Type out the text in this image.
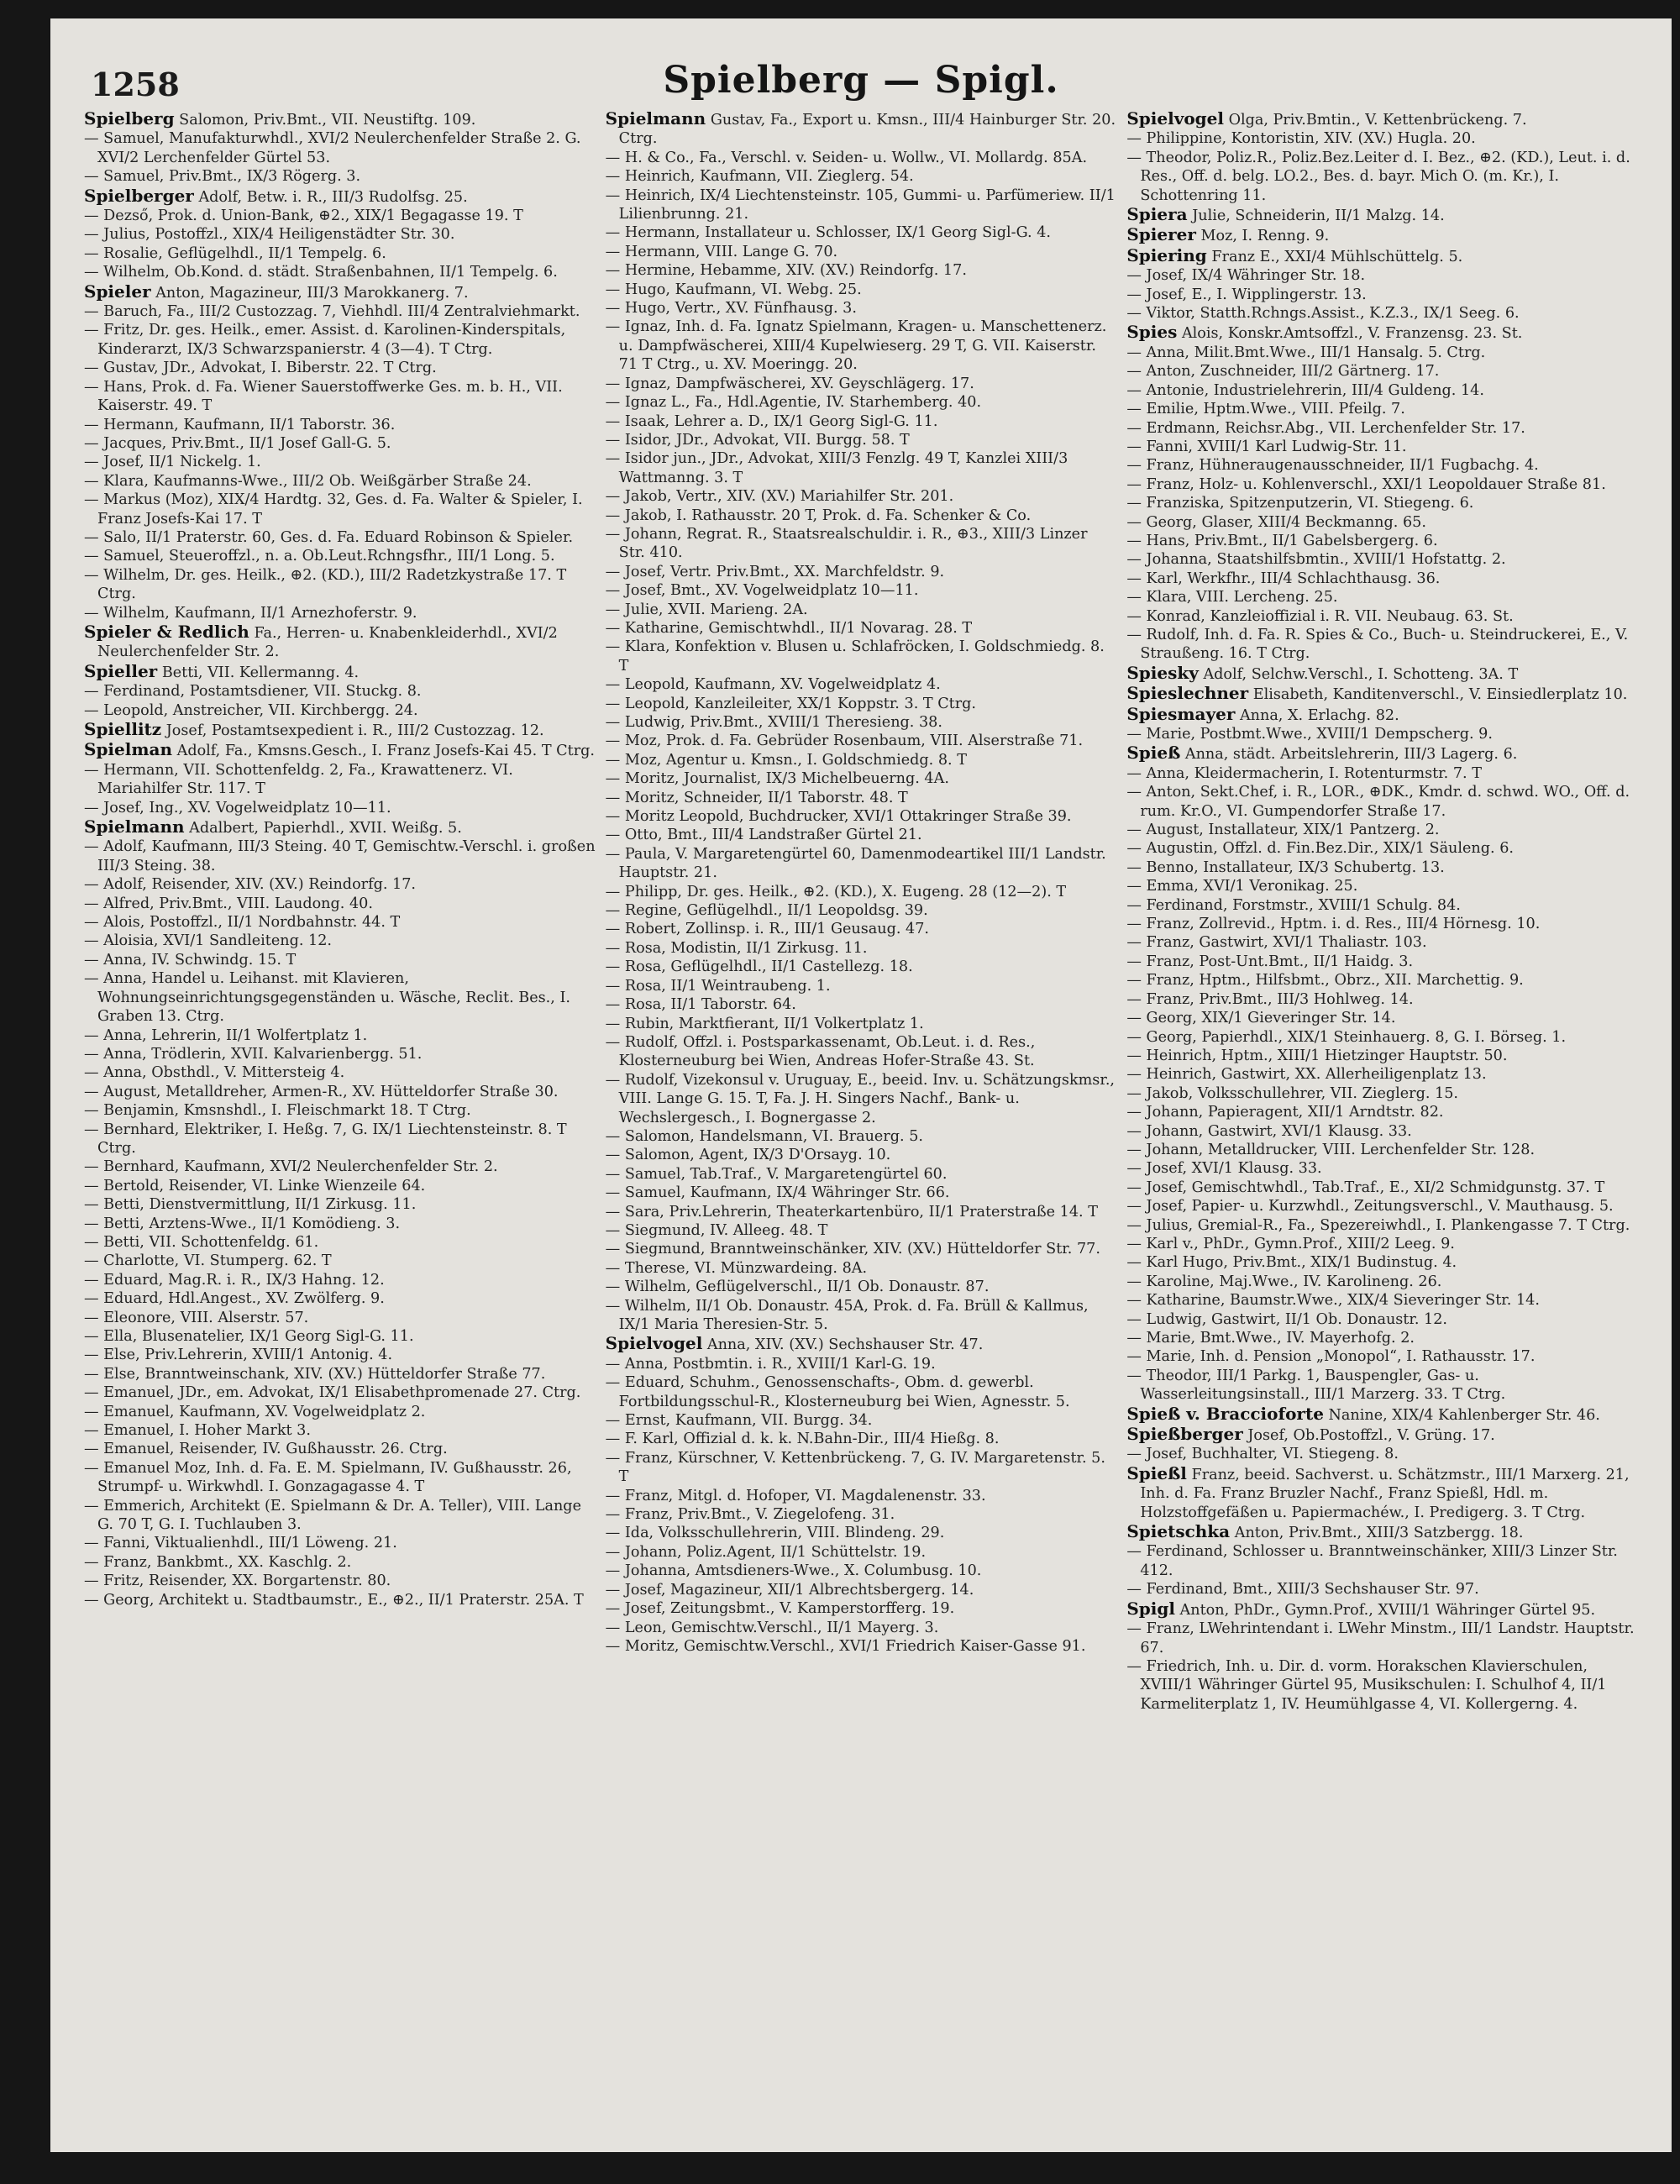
1258	Spielberg — Spigl.
Spielberg Salomon, Priv.Bmt., VII. Neustiftg. 109.
— Samuel, Manufakturwhdl., XVI/2 Neulerchenfelder Straße 2. G. XVI/2 Lerchenfelder Gürtel 53.
— Samuel, Priv.Bmt., IX/3 Rögerg. 3.
Spielberger Adolf, Betw. i. R., III/3 Rudolfsg. 25.
— Dezső, Prok. d. Union-Bank, ⊕2., XIX/1 Begagasse 19. T
— Julius, Postoffzl., XIX/4 Heiligenstädter Str. 30.
— Rosalie, Geflügelhdl., II/1 Tempelg. 6.
— Wilhelm, Ob.Kond. d. städt. Straßenbahnen, II/1 Tempelg. 6.
Spieler Anton, Magazineur, III/3 Marokkanerg. 7.
— Baruch, Fa., III/2 Custozzag. 7, Viehhdl. III/4 Zentralviehmarkt.
— Fritz, Dr. ges. Heilk., emer. Assist. d. Karolinen-Kinderspitals, Kinderarzt, IX/3 Schwarzspanierstr. 4 (3—4). T Ctrg.
— Gustav, JDr., Advokat, I. Biberstr. 22. T Ctrg.
— Hans, Prok. d. Fa. Wiener Sauerstoffwerke Ges. m. b. H., VII. Kaiserstr. 49. T
— Hermann, Kaufmann, II/1 Taborstr. 36.
— Jacques, Priv.Bmt., II/1 Josef Gall-G. 5.
— Josef, II/1 Nickelg. 1.
— Klara, Kaufmanns-Wwe., III/2 Ob. Weißgärber Straße 24.
— Markus (Moz), XIX/4 Hardtg. 32, Ges. d. Fa. Walter & Spieler, I. Franz Josefs-Kai 17. T
— Salo, II/1 Praterstr. 60, Ges. d. Fa. Eduard Robinson & Spieler.
— Samuel, Steueroffzl., n. a. Ob.Leut.Rchngsfhr., III/1 Long. 5.
— Wilhelm, Dr. ges. Heilk., ⊕2. (KD.), III/2 Radetzkystraße 17. T Ctrg.
— Wilhelm, Kaufmann, II/1 Arnezhoferstr. 9.
Spieler & Redlich Fa., Herren- u. Knabenkleiderhdl., XVI/2 Neulerchenfelder Str. 2.
Spieller Betti, VII. Kellermanng. 4.
— Ferdinand, Postamtsdiener, VII. Stuckg. 8.
— Leopold, Anstreicher, VII. Kirchbergg. 24.
Spiellitz Josef, Postamtsexpedient i. R., III/2 Custozzag. 12.
Spielman Adolf, Fa., Kmsns.Gesch., I. Franz Josefs-Kai 45. T Ctrg.
— Hermann, VII. Schottenfeldg. 2, Fa., Krawattenerz. VI. Mariahilfer Str. 117. T
— Josef, Ing., XV. Vogelweidplatz 10—11.
Spielmann Adalbert, Papierhdl., XVII. Weißg. 5.
— Adolf, Kaufmann, III/3 Steing. 40 T, Gemischtw.-Verschl. i. großen III/3 Steing. 38.
— Adolf, Reisender, XIV. (XV.) Reindorfg. 17.
— Alfred, Priv.Bmt., VIII. Laudong. 40.
— Alois, Postoffzl., II/1 Nordbahnstr. 44. T
— Aloisia, XVI/1 Sandleiteng. 12.
— Anna, IV. Schwindg. 15. T
— Anna, Handel u. Leihanst. mit Klavieren, Wohnungseinrichtungsgegenständen u. Wäsche, Reclit. Bes., I. Graben 13. Ctrg.
— Anna, Lehrerin, II/1 Wolfertplatz 1.
— Anna, Trödlerin, XVII. Kalvarienbergg. 51.
— Anna, Obsthdl., V. Mittersteig 4.
— August, Metalldreher, Armen-R., XV. Hütteldorfer Straße 30.
— Benjamin, Kmsnshdl., I. Fleischmarkt 18. T Ctrg.
— Bernhard, Elektriker, I. Heßg. 7, G. IX/1 Liechtensteinstr. 8. T Ctrg.
— Bernhard, Kaufmann, XVI/2 Neulerchenfelder Str. 2.
— Bertold, Reisender, VI. Linke Wienzeile 64.
— Betti, Dienstvermittlung, II/1 Zirkusg. 11.
— Betti, Arztens-Wwe., II/1 Komödieng. 3.
— Betti, VII. Schottenfeldg. 61.
— Charlotte, VI. Stumperg. 62. T
— Eduard, Mag.R. i. R., IX/3 Hahng. 12.
— Eduard, Hdl.Angest., XV. Zwölferg. 9.
— Eleonore, VIII. Alserstr. 57.
— Ella, Blusenatelier, IX/1 Georg Sigl-G. 11.
— Else, Priv.Lehrerin, XVIII/1 Antonig. 4.
— Else, Branntweinschank, XIV. (XV.) Hütteldorfer Straße 77.
— Emanuel, JDr., em. Advokat, IX/1 Elisabethpromenade 27. Ctrg.
— Emanuel, Kaufmann, XV. Vogelweidplatz 2.
— Emanuel, I. Hoher Markt 3.
— Emanuel, Reisender, IV. Gußhausstr. 26. Ctrg.
— Emanuel Moz, Inh. d. Fa. E. M. Spielmann, IV. Gußhausstr. 26, Strumpf- u. Wirkwhdl. I. Gonzagagasse 4. T
— Emmerich, Architekt (E. Spielmann & Dr. A. Teller), VIII. Lange G. 70 T, G. I. Tuchlauben 3.
— Fanni, Viktualienhdl., III/1 Löweng. 21.
— Franz, Bankbmt., XX. Kaschlg. 2.
— Fritz, Reisender, XX. Borgartenstr. 80.
— Georg, Architekt u. Stadtbaumstr., E., ⊕2., II/1 Praterstr. 25A. T
Spielmann Gustav, Fa., Export u. Kmsn., III/4 Hainburger Str. 20. Ctrg.
— H. & Co., Fa., Verschl. v. Seiden- u. Wollw., VI. Mollardg. 85A.
— Heinrich, Kaufmann, VII. Zieglerg. 54.
— Heinrich, IX/4 Liechtensteinstr. 105, Gummi- u. Parfümeriew. II/1 Lilienbrunng. 21.
— Hermann, Installateur u. Schlosser, IX/1 Georg Sigl-G. 4.
— Hermann, VIII. Lange G. 70.
— Hermine, Hebamme, XIV. (XV.) Reindorfg. 17.
— Hugo, Kaufmann, VI. Webg. 25.
— Hugo, Vertr., XV. Fünfhausg. 3.
— Ignaz, Inh. d. Fa. Ignatz Spielmann, Kragen- u. Manschettenerz. u. Dampfwäscherei, XIII/4 Kupelwieserg. 29 T, G. VII. Kaiserstr. 71 T Ctrg., u. XV. Moeringg. 20.
— Ignaz, Dampfwäscherei, XV. Geyschlägerg. 17.
— Ignaz L., Fa., Hdl.Agentie, IV. Starhemberg. 40.
— Isaak, Lehrer a. D., IX/1 Georg Sigl-G. 11.
— Isidor, JDr., Advokat, VII. Burgg. 58. T
— Isidor jun., JDr., Advokat, XIII/3 Fenzlg. 49 T, Kanzlei XIII/3 Wattmanng. 3. T
— Jakob, Vertr., XIV. (XV.) Mariahilfer Str. 201.
— Jakob, I. Rathausstr. 20 T, Prok. d. Fa. Schenker & Co.
— Johann, Regrat. R., Staatsrealschuldir. i. R., ⊕3., XIII/3 Linzer Str. 410.
— Josef, Vertr. Priv.Bmt., XX. Marchfeldstr. 9.
— Josef, Bmt., XV. Vogelweidplatz 10—11.
— Julie, XVII. Marieng. 2A.
— Katharine, Gemischtwhdl., II/1 Novarag. 28. T
— Klara, Konfektion v. Blusen u. Schlafröcken, I. Goldschmiedg. 8. T
— Leopold, Kaufmann, XV. Vogelweidplatz 4.
— Leopold, Kanzleileiter, XX/1 Koppstr. 3. T Ctrg.
— Ludwig, Priv.Bmt., XVIII/1 Theresieng. 38.
— Moz, Prok. d. Fa. Gebrüder Rosenbaum, VIII. Alserstraße 71.
— Moz, Agentur u. Kmsn., I. Goldschmiedg. 8. T
— Moritz, Journalist, IX/3 Michelbeuerng. 4A.
— Moritz, Schneider, II/1 Taborstr. 48. T
— Moritz Leopold, Buchdrucker, XVI/1 Ottakringer Straße 39.
— Otto, Bmt., III/4 Landstraßer Gürtel 21.
— Paula, V. Margaretengürtel 60, Damenmodeartikel III/1 Landstr. Hauptstr. 21.
— Philipp, Dr. ges. Heilk., ⊕2. (KD.), X. Eugeng. 28 (12—2). T
— Regine, Geflügelhdl., II/1 Leopoldsg. 39.
— Robert, Zollinsp. i. R., III/1 Geusaug. 47.
— Rosa, Modistin, II/1 Zirkusg. 11.
— Rosa, Geflügelhdl., II/1 Castellezg. 18.
— Rosa, II/1 Weintraubeng. 1.
— Rosa, II/1 Taborstr. 64.
— Rubin, Marktfierant, II/1 Volkertplatz 1.
— Rudolf, Offzl. i. Postsparkassenamt, Ob.Leut. i. d. Res., Klosterneuburg bei Wien, Andreas Hofer-Straße 43. St.
— Rudolf, Vizekonsul v. Uruguay, E., beeid. Inv. u. Schätzungskmsr., VIII. Lange G. 15. T, Fa. J. H. Singers Nachf., Bank- u. Wechslergesch., I. Bognergasse 2.
— Salomon, Handelsmann, VI. Brauerg. 5.
— Salomon, Agent, IX/3 D'Orsayg. 10.
— Samuel, Tab.Traf., V. Margaretengürtel 60.
— Samuel, Kaufmann, IX/4 Währinger Str. 66.
— Sara, Priv.Lehrerin, Theaterkartenbüro, II/1 Praterstraße 14. T
— Siegmund, IV. Alleeg. 48. T
— Siegmund, Branntweinschänker, XIV. (XV.) Hütteldorfer Str. 77.
— Therese, VI. Münzwardeing. 8A.
— Wilhelm, Geflügelverschl., II/1 Ob. Donaustr. 87.
— Wilhelm, II/1 Ob. Donaustr. 45A, Prok. d. Fa. Brüll & Kallmus, IX/1 Maria Theresien-Str. 5.
Spielvogel Anna, XIV. (XV.) Sechshauser Str. 47.
— Anna, Postbmtin. i. R., XVIII/1 Karl-G. 19.
— Eduard, Schuhm., Genossenschafts-, Obm. d. gewerbl. Fortbildungsschul-R., Klosterneuburg bei Wien, Agnesstr. 5.
— Ernst, Kaufmann, VII. Burgg. 34.
— F. Karl, Offizial d. k. k. N.Bahn-Dir., III/4 Hießg. 8.
— Franz, Kürschner, V. Kettenbrückeng. 7, G. IV. Margaretenstr. 5. T
— Franz, Mitgl. d. Hofoper, VI. Magdalenenstr. 33.
— Franz, Priv.Bmt., V. Ziegelofeng. 31.
— Ida, Volksschullehrerin, VIII. Blindeng. 29.
— Johann, Poliz.Agent, II/1 Schüttelstr. 19.
— Johanna, Amtsdieners-Wwe., X. Columbusg. 10.
— Josef, Magazineur, XII/1 Albrechtsbergerg. 14.
— Josef, Zeitungsbmt., V. Kamperstorfferg. 19.
— Leon, Gemischtw.Verschl., II/1 Mayerg. 3.
— Moritz, Gemischtw.Verschl., XVI/1 Friedrich Kaiser-Gasse 91.
Spielvogel Olga, Priv.Bmtin., V. Kettenbrückeng. 7.
— Philippine, Kontoristin, XIV. (XV.) Hugla. 20.
— Theodor, Poliz.R., Poliz.Bez.Leiter d. I. Bez., ⊕2. (KD.), Leut. i. d. Res., Off. d. belg. LO.2., Bes. d. bayr. Mich O. (m. Kr.), I. Schottenring 11.
Spiera Julie, Schneiderin, II/1 Malzg. 14.
Spierer Moz, I. Renng. 9.
Spiering Franz E., XXI/4 Mühlschüttelg. 5.
— Josef, IX/4 Währinger Str. 18.
— Josef, E., I. Wipplingerstr. 13.
— Viktor, Statth.Rchngs.Assist., K.Z.3., IX/1 Seeg. 6.
Spies Alois, Konskr.Amtsoffzl., V. Franzensg. 23. St.
— Anna, Milit.Bmt.Wwe., III/1 Hansalg. 5. Ctrg.
— Anton, Zuschneider, III/2 Gärtnerg. 17.
— Antonie, Industrielehrerin, III/4 Guldeng. 14.
— Emilie, Hptm.Wwe., VIII. Pfeilg. 7.
— Erdmann, Reichsr.Abg., VII. Lerchenfelder Str. 17.
— Fanni, XVIII/1 Karl Ludwig-Str. 11.
— Franz, Hühneraugenausschneider, II/1 Fugbachg. 4.
— Franz, Holz- u. Kohlenverschl., XXI/1 Leopoldauer Straße 81.
— Franziska, Spitzenputzerin, VI. Stiegeng. 6.
— Georg, Glaser, XIII/4 Beckmanng. 65.
— Hans, Priv.Bmt., II/1 Gabelsbergerg. 6.
— Johanna, Staatshilfsbmtin., XVIII/1 Hofstattg. 2.
— Karl, Werkfhr., III/4 Schlachthausg. 36.
— Klara, VIII. Lercheng. 25.
— Konrad, Kanzleioffizial i. R. VII. Neubaug. 63. St.
— Rudolf, Inh. d. Fa. R. Spies & Co., Buch- u. Steindruckerei, E., V. Straußeng. 16. T Ctrg.
Spiesky Adolf, Selchw.Verschl., I. Schotteng. 3A. T
Spieslechner Elisabeth, Kanditenverschl., V. Einsiedlerplatz 10.
Spiesmayer Anna, X. Erlachg. 82.
— Marie, Postbmt.Wwe., XVIII/1 Dempscherg. 9.
Spieß Anna, städt. Arbeitslehrerin, III/3 Lagerg. 6.
— Anna, Kleidermacherin, I. Rotenturmstr. 7. T
— Anton, Sekt.Chef, i. R., LOR., ⊕DK., Kmdr. d. schwd. WO., Off. d. rum. Kr.O., VI. Gumpendorfer Straße 17.
— August, Installateur, XIX/1 Pantzerg. 2.
— Augustin, Offzl. d. Fin.Bez.Dir., XIX/1 Säuleng. 6.
— Benno, Installateur, IX/3 Schubertg. 13.
— Emma, XVI/1 Veronikag. 25.
— Ferdinand, Forstmstr., XVIII/1 Schulg. 84.
— Franz, Zollrevid., Hptm. i. d. Res., III/4 Hörnesg. 10.
— Franz, Gastwirt, XVI/1 Thaliastr. 103.
— Franz, Post-Unt.Bmt., II/1 Haidg. 3.
— Franz, Hptm., Hilfsbmt., Obrz., XII. Marchettig. 9.
— Franz, Priv.Bmt., III/3 Hohlweg. 14.
— Georg, XIX/1 Gieveringer Str. 14.
— Georg, Papierhdl., XIX/1 Steinhauerg. 8, G. I. Börseg. 1.
— Heinrich, Hptm., XIII/1 Hietzinger Hauptstr. 50.
— Heinrich, Gastwirt, XX. Allerheiligenplatz 13.
— Jakob, Volksschullehrer, VII. Zieglerg. 15.
— Johann, Papieragent, XII/1 Arndtstr. 82.
— Johann, Gastwirt, XVI/1 Klausg. 33.
— Johann, Metalldrucker, VIII. Lerchenfelder Str. 128.
— Josef, XVI/1 Klausg. 33.
— Josef, Gemischtwhdl., Tab.Traf., E., XI/2 Schmidgunstg. 37. T
— Josef, Papier- u. Kurzwhdl., Zeitungsverschl., V. Mauthausg. 5.
— Julius, Gremial-R., Fa., Spezereiwhdl., I. Plankengasse 7. T Ctrg.
— Karl v., PhDr., Gymn.Prof., XIII/2 Leeg. 9.
— Karl Hugo, Priv.Bmt., XIX/1 Budinstug. 4.
— Karoline, Maj.Wwe., IV. Karolineng. 26.
— Katharine, Baumstr.Wwe., XIX/4 Sieveringer Str. 14.
— Ludwig, Gastwirt, II/1 Ob. Donaustr. 12.
— Marie, Bmt.Wwe., IV. Mayerhofg. 2.
— Marie, Inh. d. Pension „Monopol“, I. Rathausstr. 17.
— Theodor, III/1 Parkg. 1, Bauspengler, Gas- u. Wasserleitungsinstall., III/1 Marzerg. 33. T Ctrg.
Spieß v. Braccioforte Nanine, XIX/4 Kahlenberger Str. 46.
Spießberger Josef, Ob.Postoffzl., V. Grüng. 17.
— Josef, Buchhalter, VI. Stiegeng. 8.
Spießl Franz, beeid. Sachverst. u. Schätzmstr., III/1 Marxerg. 21, Inh. d. Fa. Franz Bruzler Nachf., Franz Spießl, Hdl. m. Holzstoffgefäßen u. Papiermachéw., I. Predigerg. 3. T Ctrg.
Spietschka Anton, Priv.Bmt., XIII/3 Satzbergg. 18.
— Ferdinand, Schlosser u. Branntweinschänker, XIII/3 Linzer Str. 412.
— Ferdinand, Bmt., XIII/3 Sechshauser Str. 97.
Spigl Anton, PhDr., Gymn.Prof., XVIII/1 Währinger Gürtel 95.
— Franz, LWehrintendant i. LWehr Minstm., III/1 Landstr. Hauptstr. 67.
— Friedrich, Inh. u. Dir. d. vorm. Horakschen Klavierschulen, XVIII/1 Währinger Gürtel 95, Musikschulen: I. Schulhof 4, II/1 Karmeliterplatz 1, IV. Heumühlgasse 4, VI. Kollergerng. 4.
